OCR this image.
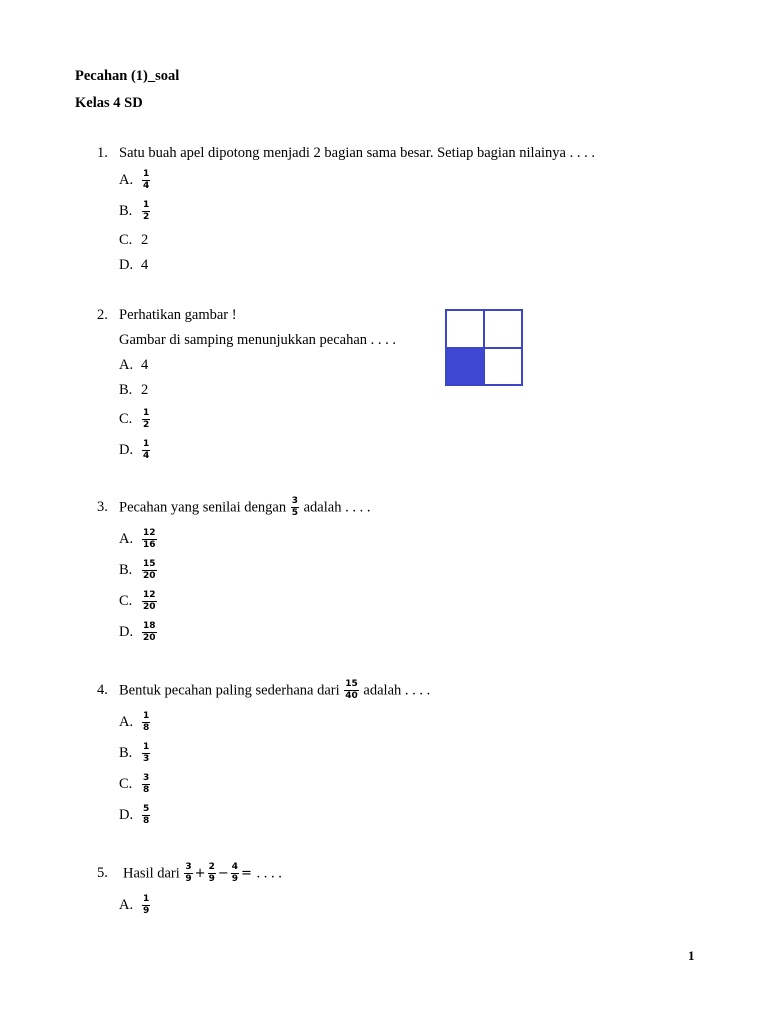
Pecahan (1)_soal
Kelas 4 SD
1. Satu buah apel dipotong menjadi 2 bagian sama besar. Setiap bagian nilainya . . . .
A. $\frac{1}{4}$
B. $\frac{1}{2}$
C. 2
D. 4
2. Perhatikan gambar !
Gambar di samping menunjukkan pecahan . . . .
A. 4
B. 2
C. $\frac{1}{2}$
D. $\frac{1}{4}$
3. Pecahan yang senilai dengan $\frac{3}{5}$ adalah . . . .
A. $\frac{12}{16}$
B. $\frac{15}{20}$
C. $\frac{12}{20}$
D. $\frac{18}{20}$
4. Bentuk pecahan paling sederhana dari $\frac{15}{40}$ adalah . . . .
A. $\frac{1}{8}$
B. $\frac{1}{3}$
C. $\frac{3}{8}$
D. $\frac{5}{8}$
5. Hasil dari $\frac{3}{9} + \frac{2}{9} - \frac{4}{9}$ = . . . .
A. $\frac{1}{9}$
1
